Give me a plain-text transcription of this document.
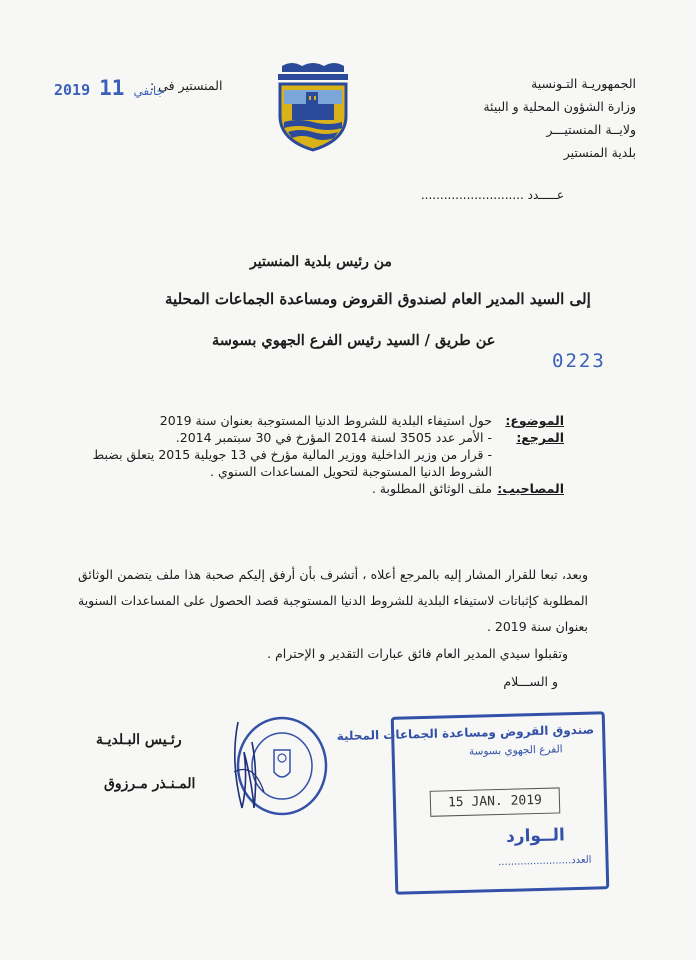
الجمهوريـة التـونسية
وزارة الشؤون المحلية و البيئة
ولايــة المنستيـــر
بلدية المنستير
المنستير في :
2019	جانفي 11
عـــــدد ...........................
من رئيس بلدية المنستير
إلى السيد المدير العام لصندوق القروض ومساعدة الجماعات المحلية
عن طريق / السيد رئيس الفرع الجهوي بسوسة
0223
الموضوع:
حول استيفاء البلدية للشروط الدنيا المستوجبة بعنوان سنة 2019
المرجع:
- الأمر عدد 3505 لسنة 2014 المؤرخ في 30 سبتمبر 2014.
- قرار من وزير الداخلية ووزير المالية مؤرخ في 13 جويلية 2015 يتعلق بضبط الشروط الدنيا المستوجبة لتحويل المساعدات السنوي .
المصاحيب:
ملف الوثائق المطلوبة .

وبعد، تبعا للقرار المشار إليه بالمرجع أعلاه ، أتشرف بأن أرفق إليكم صحبة هذا ملف يتضمن الوثائق المطلوبة كإثباتات لاستيفاء البلدية للشروط الدنيا المستوجبة قصد الحصول على المساعدات السنوية بعنوان سنة 2019 .

وتقبلوا سيدي المدير العام فائق عبارات التقدير و الإحترام .
و الســـلام
رئـيس البـلديـة
المـنـذر مـرزوق
صندوق القروض ومساعدة الجماعات المحلية
الفرع الجهوي بسوسة
15 JAN. 2019
الــوارد
العدد.......................
